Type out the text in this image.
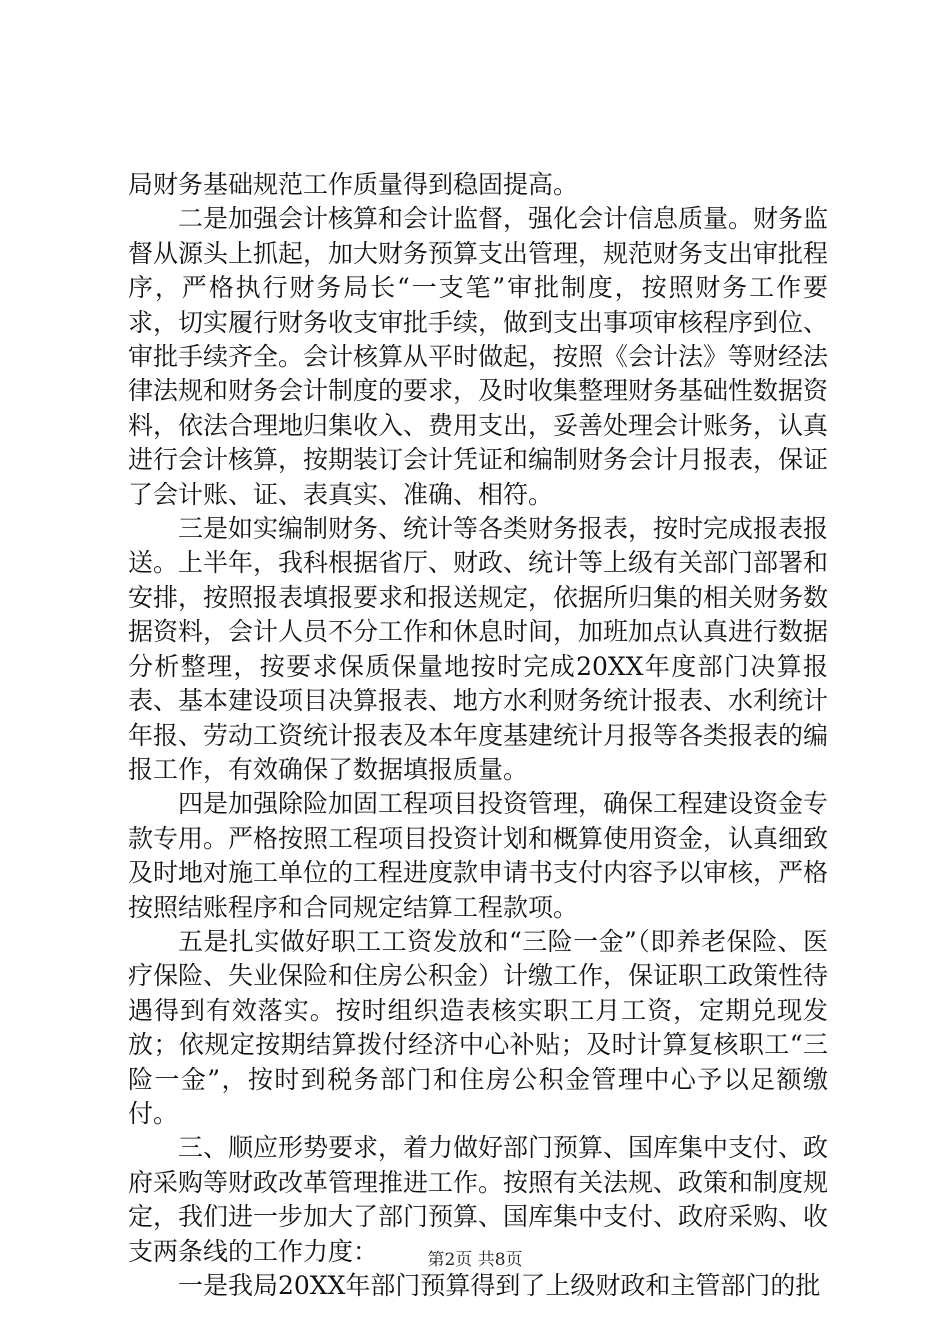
局财务基础规范工作质量得到稳固提高。

二是加强会计核算和会计监督，强化会计信息质量。财务监督从源头上抓起，加大财务预算支出管理，规范财务支出审批程序，严格执行财务局长“一支笔”审批制度，按照财务工作要求，切实履行财务收支审批手续，做到支出事项审核程序到位、审批手续齐全。会计核算从平时做起，按照《会计法》等财经法律法规和财务会计制度的要求，及时收集整理财务基础性数据资料，依法合理地归集收入、费用支出，妥善处理会计账务，认真进行会计核算，按期装订会计凭证和编制财务会计月报表，保证了会计账、证、表真实、准确、相符。

三是如实编制财务、统计等各类财务报表，按时完成报表报送。上半年，我科根据省厅、财政、统计等上级有关部门部署和安排，按照报表填报要求和报送规定，依据所归集的相关财务数据资料，会计人员不分工作和休息时间，加班加点认真进行数据分析整理，按要求保质保量地按时完成20XX年度部门决算报表、基本建设项目决算报表、地方水利财务统计报表、水利统计年报、劳动工资统计报表及本年度基建统计月报等各类报表的编报工作，有效确保了数据填报质量。

四是加强除险加固工程项目投资管理，确保工程建设资金专款专用。严格按照工程项目投资计划和概算使用资金，认真细致及时地对施工单位的工程进度款申请书支付内容予以审核，严格按照结账程序和合同规定结算工程款项。

五是扎实做好职工工资发放和“三险一金”（即养老保险、医疗保险、失业保险和住房公积金）计缴工作，保证职工政策性待遇得到有效落实。按时组织造表核实职工月工资，定期兑现发放；依规定按期结算拨付经济中心补贴；及时计算复核职工“三险一金”，按时到税务部门和住房公积金管理中心予以足额缴付。

三、顺应形势要求，着力做好部门预算、国库集中支付、政府采购等财政改革管理推进工作。按照有关法规、政策和制度规定，我们进一步加大了部门预算、国库集中支付、政府采购、收支两条线的工作力度：

一是我局20XX年部门预算得到了上级财政和主管部门的批

第2页 共8页
